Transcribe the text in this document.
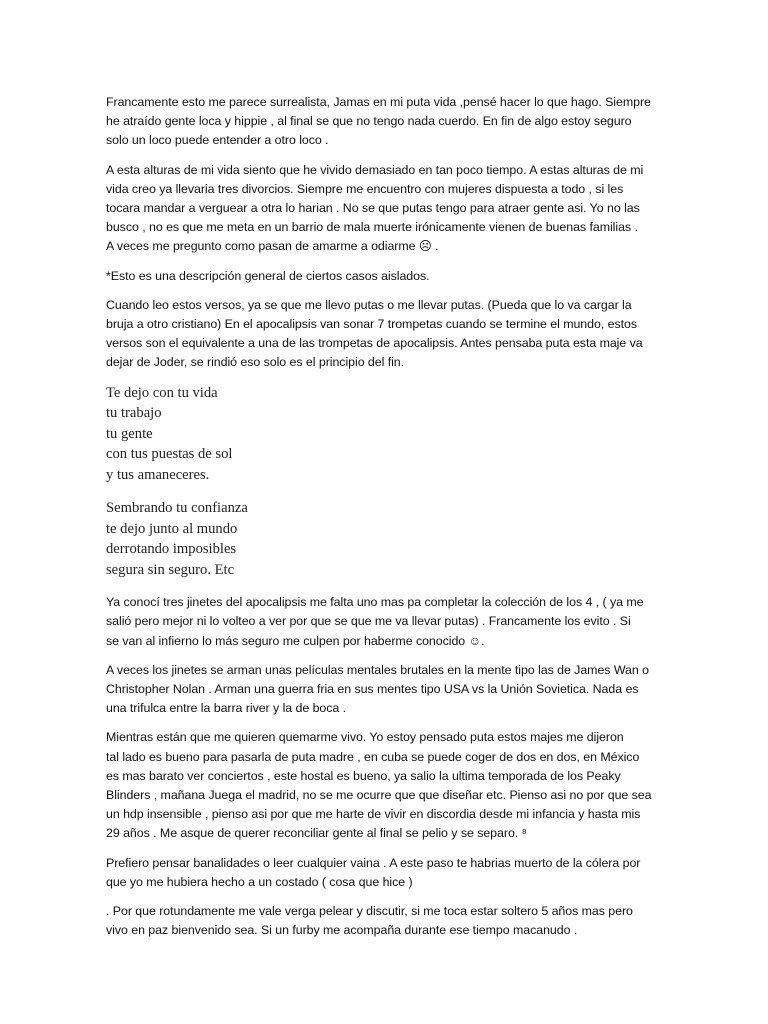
Francamente esto me parece surrealista, Jamas en mi puta vida ,pensé hacer lo que hago. Siempre
he atraído gente loca y hippie , al final se que no tengo nada cuerdo. En fin de algo estoy seguro
solo un loco puede entender a otro loco .

A esta alturas de mi vida siento que he vivido demasiado en tan poco tiempo. A estas alturas de mi
vida creo ya llevaria tres divorcios. Siempre me encuentro con mujeres dispuesta a todo , si les
tocara mandar a verguear a otra lo harian . No se que putas tengo para atraer gente asi. Yo no las
busco , no es que me meta en un barrio de mala muerte irónicamente vienen de buenas familias .
A veces me pregunto como pasan de amarme a odiarme ☹ .

*Esto es una descripción general de ciertos casos aislados.

Cuando leo estos versos, ya se que me llevo putas o me llevar putas. (Pueda que lo va cargar la
bruja a otro cristiano) En el apocalipsis van sonar 7 trompetas cuando se termine el mundo, estos
versos son el equivalente a una de las trompetas de apocalipsis. Antes pensaba puta esta maje va
dejar de Joder, se rindió eso solo es el principio del fin.

Te dejo con tu vida
tu trabajo
tu gente
con tus puestas de sol
y tus amaneceres.
Sembrando tu confianza
te dejo junto al mundo
derrotando imposibles
segura sin seguro. Etc

Ya conocí tres jinetes del apocalipsis me falta uno mas pa completar la colección de los 4 , ( ya me
salió pero mejor ni lo volteo a ver por que se que me va llevar putas) . Francamente los evito . Si
se van al infierno lo más seguro me culpen por haberme conocido ☺.

A veces los jinetes se arman unas películas mentales brutales en la mente tipo las de James Wan o
Christopher Nolan . Arman una guerra fria en sus mentes tipo USA vs la Unión Sovietica. Nada es
una trifulca entre la barra river y la de boca .

Mientras están que me quieren quemarme vivo. Yo estoy pensado puta estos majes me dijeron
tal lado es bueno para pasarla de puta madre , en cuba se puede coger de dos en dos, en México
es mas barato ver conciertos , este hostal es bueno, ya salio la ultima temporada de los Peaky
Blinders , mañana Juega el madrid, no se me ocurre que que diseñar etc. Pienso asi no por que sea
un hdp insensible , pienso asi por que me harte de vivir en discordia desde mi infancia y hasta mis
29 años . Me asque de querer reconciliar gente al final se pelio y se separo. ⁸

Prefiero pensar banalidades o leer cualquier vaina . A este paso te habrias muerto de la cólera por
que yo me hubiera hecho a un costado ( cosa que hice )

. Por que rotundamente me vale verga pelear y discutir, si me toca estar soltero 5 años mas pero
vivo en paz bienvenido sea. Si un furby me acompaña durante ese tiempo macanudo .
